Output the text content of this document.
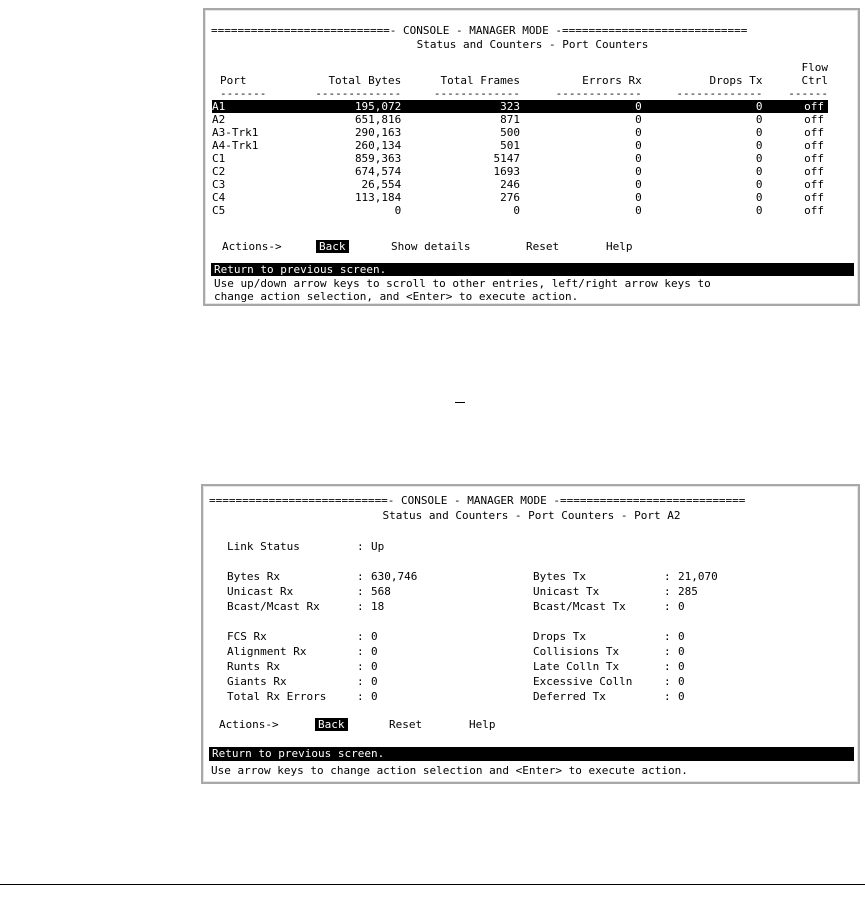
===========================- CONSOLE - MANAGER MODE -============================
Status and Counters - Port Counters
					Flow
Port	Total Bytes	Total Frames	Errors Rx	Drops Tx	Ctrl
-------	-------------	-------------	-------------	-------------	------
A1	195,072	323	0	0	off
A2	651,816	871	0	0	off
A3-Trk1	290,163	500	0	0	off
A4-Trk1	260,134	501	0	0	off
C1	859,363	5147	0	0	off
C2	674,574	1693	0	0	off
C3	26,554	246	0	0	off
C4	113,184	276	0	0	off
C5	0	0	0	0	off
Actions->	Back	Show details	Reset	Help
Return to previous screen.
Use up/down arrow keys to scroll to other entries, left/right arrow keys to
change action selection, and <Enter> to execute action.
===========================- CONSOLE - MANAGER MODE -============================
Status and Counters - Port Counters - Port A2
Link Status	: Up
Bytes Rx	: 630,746
Unicast Rx	: 568
Bcast/Mcast Rx	: 18
Bytes Tx	: 21,070
Unicast Tx	: 285
Bcast/Mcast Tx	: 0
FCS Rx	: 0
Alignment Rx	: 0
Runts Rx	: 0
Giants Rx	: 0
Total Rx Errors	: 0
Drops Tx	: 0
Collisions Tx	: 0
Late Colln Tx	: 0
Excessive Colln	: 0
Deferred Tx	: 0
Actions->	Back	Reset	Help
Return to previous screen.
Use arrow keys to change action selection and <Enter> to execute action.
